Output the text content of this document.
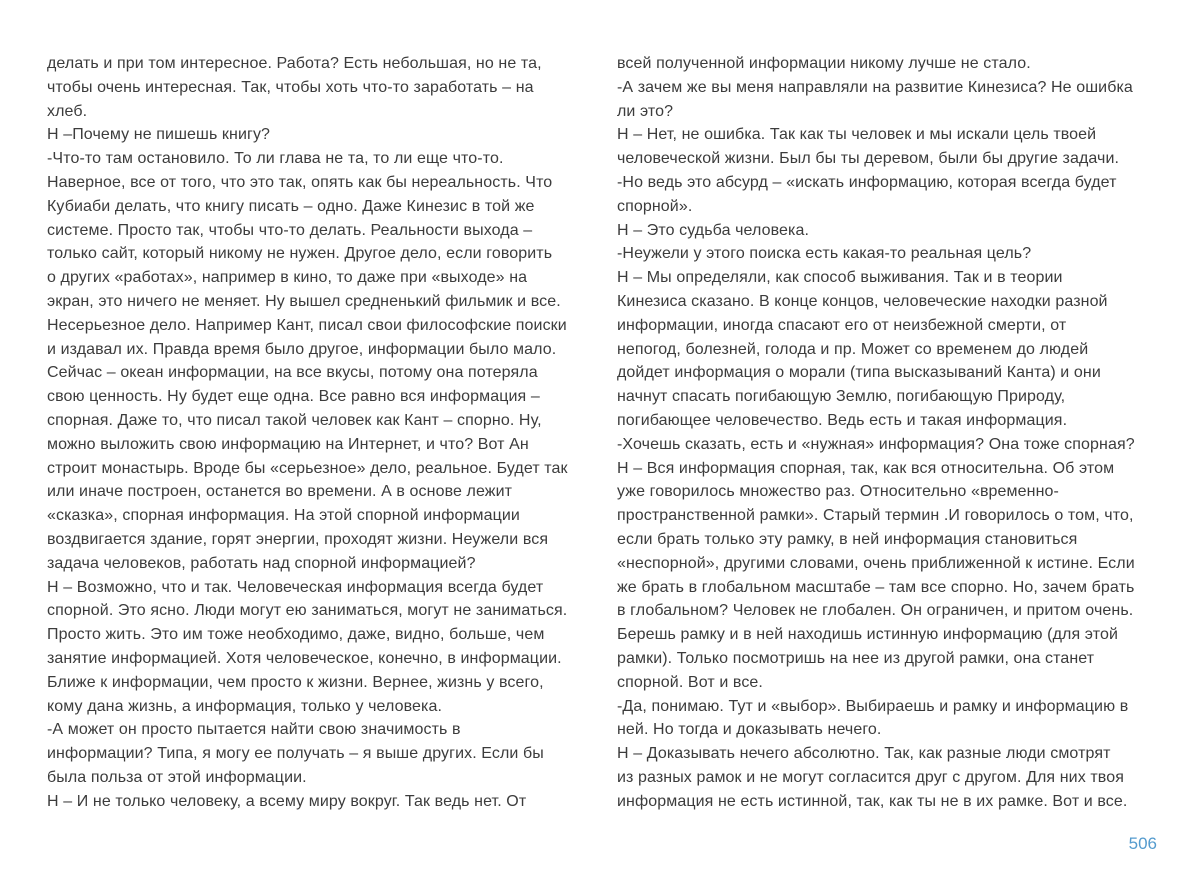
делать и при том интересное. Работа? Есть небольшая, но не та,
чтобы очень интересная. Так, чтобы хоть что-то заработать – на
хлеб.
Н –Почему не пишешь книгу?
-Что-то там остановило. То ли глава не та, то ли еще что-то.
Наверное, все от того, что это так, опять как бы нереальность. Что
Кубиаби делать, что книгу писать – одно. Даже Кинезис в той же
системе. Просто так, чтобы что-то делать. Реальности выхода –
только сайт, который никому не нужен. Другое дело, если говорить
о других «работах», например в кино, то даже при «выходе» на
экран, это ничего не меняет. Ну вышел средненький фильмик и все.
Несерьезное дело. Например Кант, писал свои философские поиски
и издавал их. Правда время было другое, информации было мало.
Сейчас – океан информации, на все вкусы, потому она потеряла
свою ценность. Ну будет еще одна. Все равно вся информация –
спорная. Даже то, что писал такой человек как Кант – спорно. Ну,
можно выложить свою информацию на Интернет, и что? Вот Ан
строит монастырь. Вроде бы «серьезное» дело, реальное. Будет так
или иначе построен, останется во времени. А в основе лежит
«сказка», спорная информация. На этой спорной информации
воздвигается здание, горят энергии, проходят жизни. Неужели вся
задача человеков, работать над спорной информацией?
Н – Возможно, что и так. Человеческая информация всегда будет
спорной. Это ясно. Люди могут ею заниматься, могут не заниматься.
Просто жить. Это им тоже необходимо, даже, видно, больше, чем
занятие информацией. Хотя человеческое, конечно, в информации.
Ближе к информации, чем просто к жизни. Вернее, жизнь у всего,
кому дана жизнь, а информация, только у человека.
-А может он просто пытается найти свою значимость в
информации? Типа, я могу ее получать – я выше других. Если бы
была польза от этой информации.
Н – И не только человеку, а всему миру вокруг. Так ведь нет. От
всей полученной информации никому лучше не стало.
-А зачем же вы меня направляли на развитие Кинезиса? Не ошибка
ли это?
Н – Нет, не ошибка. Так как ты человек и мы искали цель твоей
человеческой жизни. Был бы ты деревом, были бы другие задачи.
-Но ведь это абсурд – «искать информацию, которая всегда будет
спорной».
Н – Это судьба человека.
-Неужели у этого поиска есть какая-то реальная цель?
Н – Мы определяли, как способ выживания. Так и в теории
Кинезиса сказано. В конце концов, человеческие находки разной
информации, иногда спасают его от неизбежной смерти, от
непогод, болезней, голода и пр. Может со временем до людей
дойдет информация о морали (типа высказываний Канта) и они
начнут спасать погибающую Землю, погибающую Природу,
погибающее человечество. Ведь есть и такая информация.
-Хочешь сказать, есть и «нужная» информация? Она тоже спорная?
Н – Вся информация спорная, так, как вся относительна. Об этом
уже говорилось множество раз. Относительно «временно-
пространственной рамки». Старый термин .И говорилось о том, что,
если брать только эту рамку, в ней информация становиться
«неспорной», другими словами, очень приближенной к истине. Если
же брать в глобальном масштабе – там все спорно. Но, зачем брать
в глобальном? Человек не глобален. Он ограничен, и притом очень.
Берешь рамку и в ней находишь истинную информацию (для этой
рамки). Только посмотришь на нее из другой рамки, она станет
спорной. Вот и все.
-Да, понимаю. Тут и «выбор». Выбираешь и рамку и информацию в
ней. Но тогда и доказывать нечего.
Н – Доказывать нечего абсолютно. Так, как разные люди смотрят
из разных рамок и не могут согласится друг с другом. Для них твоя
информация не есть истинной, так, как ты не в их рамке. Вот и все.
506
